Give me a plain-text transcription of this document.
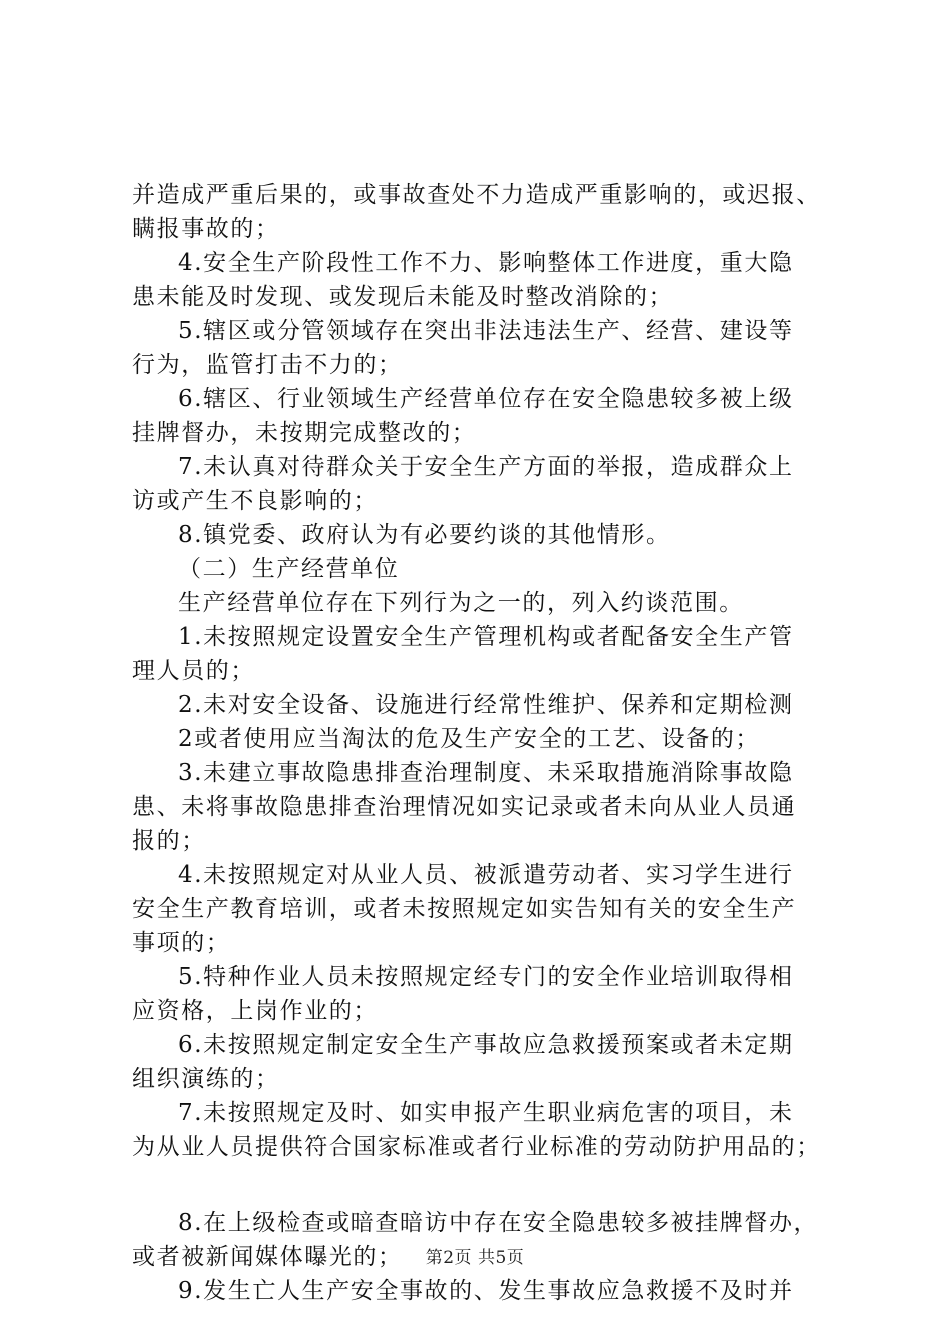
并造成严重后果的，或事故查处不力造成严重影响的，或迟报、
瞒报事故的；
4.安全生产阶段性工作不力、影响整体工作进度，重大隐
患未能及时发现、或发现后未能及时整改消除的；
5.辖区或分管领域存在突出非法违法生产、经营、建设等
行为，监管打击不力的；
6.辖区、行业领域生产经营单位存在安全隐患较多被上级
挂牌督办，未按期完成整改的；
7.未认真对待群众关于安全生产方面的举报，造成群众上
访或产生不良影响的；
8.镇党委、政府认为有必要约谈的其他情形。
（二）生产经营单位
生产经营单位存在下列行为之一的，列入约谈范围。
1.未按照规定设置安全生产管理机构或者配备安全生产管
理人员的；
2.未对安全设备、设施进行经常性维护、保养和定期检测
2或者使用应当淘汰的危及生产安全的工艺、设备的；
3.未建立事故隐患排查治理制度、未采取措施消除事故隐
患、未将事故隐患排查治理情况如实记录或者未向从业人员通
报的；
4.未按照规定对从业人员、被派遣劳动者、实习学生进行
安全生产教育培训，或者未按照规定如实告知有关的安全生产
事项的；
5.特种作业人员未按照规定经专门的安全作业培训取得相
应资格，上岗作业的；
6.未按照规定制定安全生产事故应急救援预案或者未定期
组织演练的；
7.未按照规定及时、如实申报产生职业病危害的项目，未
为从业人员提供符合国家标准或者行业标准的劳动防护用品的；
8.在上级检查或暗查暗访中存在安全隐患较多被挂牌督办，
或者被新闻媒体曝光的；
9.发生亡人生产安全事故的、发生事故应急救援不及时并
第2页 共5页
